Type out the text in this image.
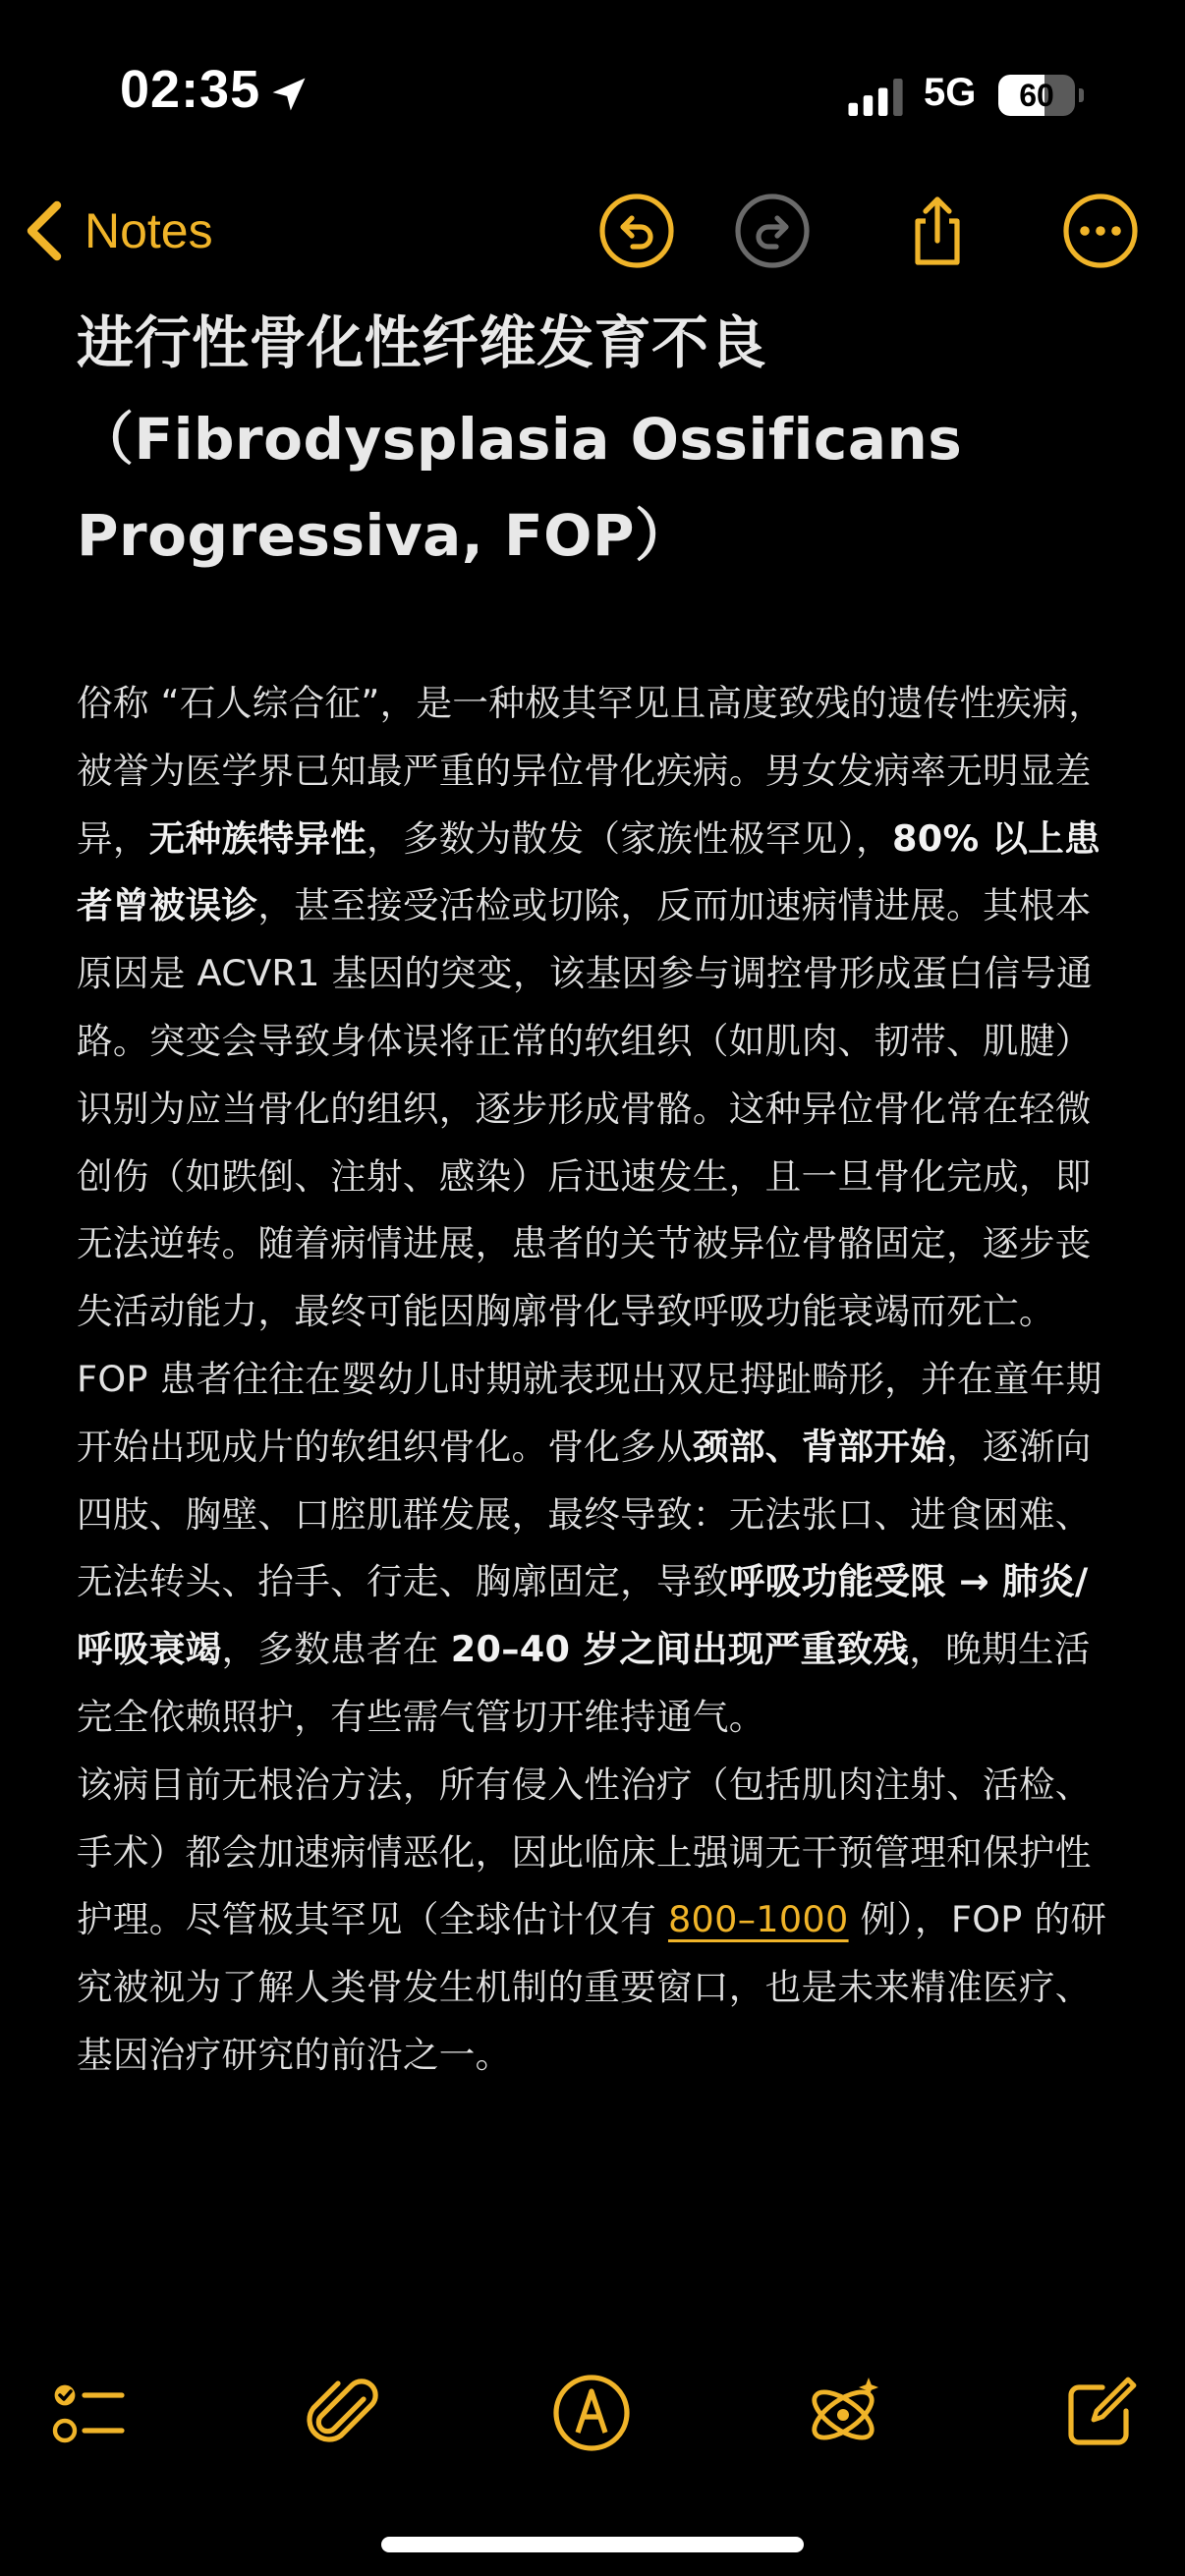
02:35	5G	60
Notes
进行性骨化性纤维发育不良（Fibrodysplasia Ossificans Progressiva, FOP）

俗称 “石人综合征”，是一种极其罕见且高度致残的遗传性疾病，被誉为医学界已知最严重的异位骨化疾病。男女发病率无明显差异，无种族特异性，多数为散发（家族性极罕见），80% 以上患者曾被误诊，甚至接受活检或切除，反而加速病情进展。其根本原因是 ACVR1 基因的突变，该基因参与调控骨形成蛋白信号通路。突变会导致身体误将正常的软组织（如肌肉、韧带、肌腱）识别为应当骨化的组织，逐步形成骨骼。这种异位骨化常在轻微创伤（如跌倒、注射、感染）后迅速发生，且一旦骨化完成，即无法逆转。随着病情进展，患者的关节被异位骨骼固定，逐步丧失活动能力，最终可能因胸廓骨化导致呼吸功能衰竭而死亡。FOP 患者往往在婴幼儿时期就表现出双足拇趾畸形，并在童年期开始出现成片的软组织骨化。骨化多从颈部、背部开始，逐渐向四肢、胸壁、口腔肌群发展，最终导致：无法张口、进食困难、无法转头、抬手、行走、胸廓固定，导致呼吸功能受限 → 肺炎/呼吸衰竭，多数患者在 20–40 岁之间出现严重致残，晚期生活完全依赖照护，有些需气管切开维持通气。

该病目前无根治方法，所有侵入性治疗（包括肌肉注射、活检、手术）都会加速病情恶化，因此临床上强调无干预管理和保护性护理。尽管极其罕见（全球估计仅有 800–1000 例），FOP 的研究被视为了解人类骨发生机制的重要窗口，也是未来精准医疗、基因治疗研究的前沿之一。
